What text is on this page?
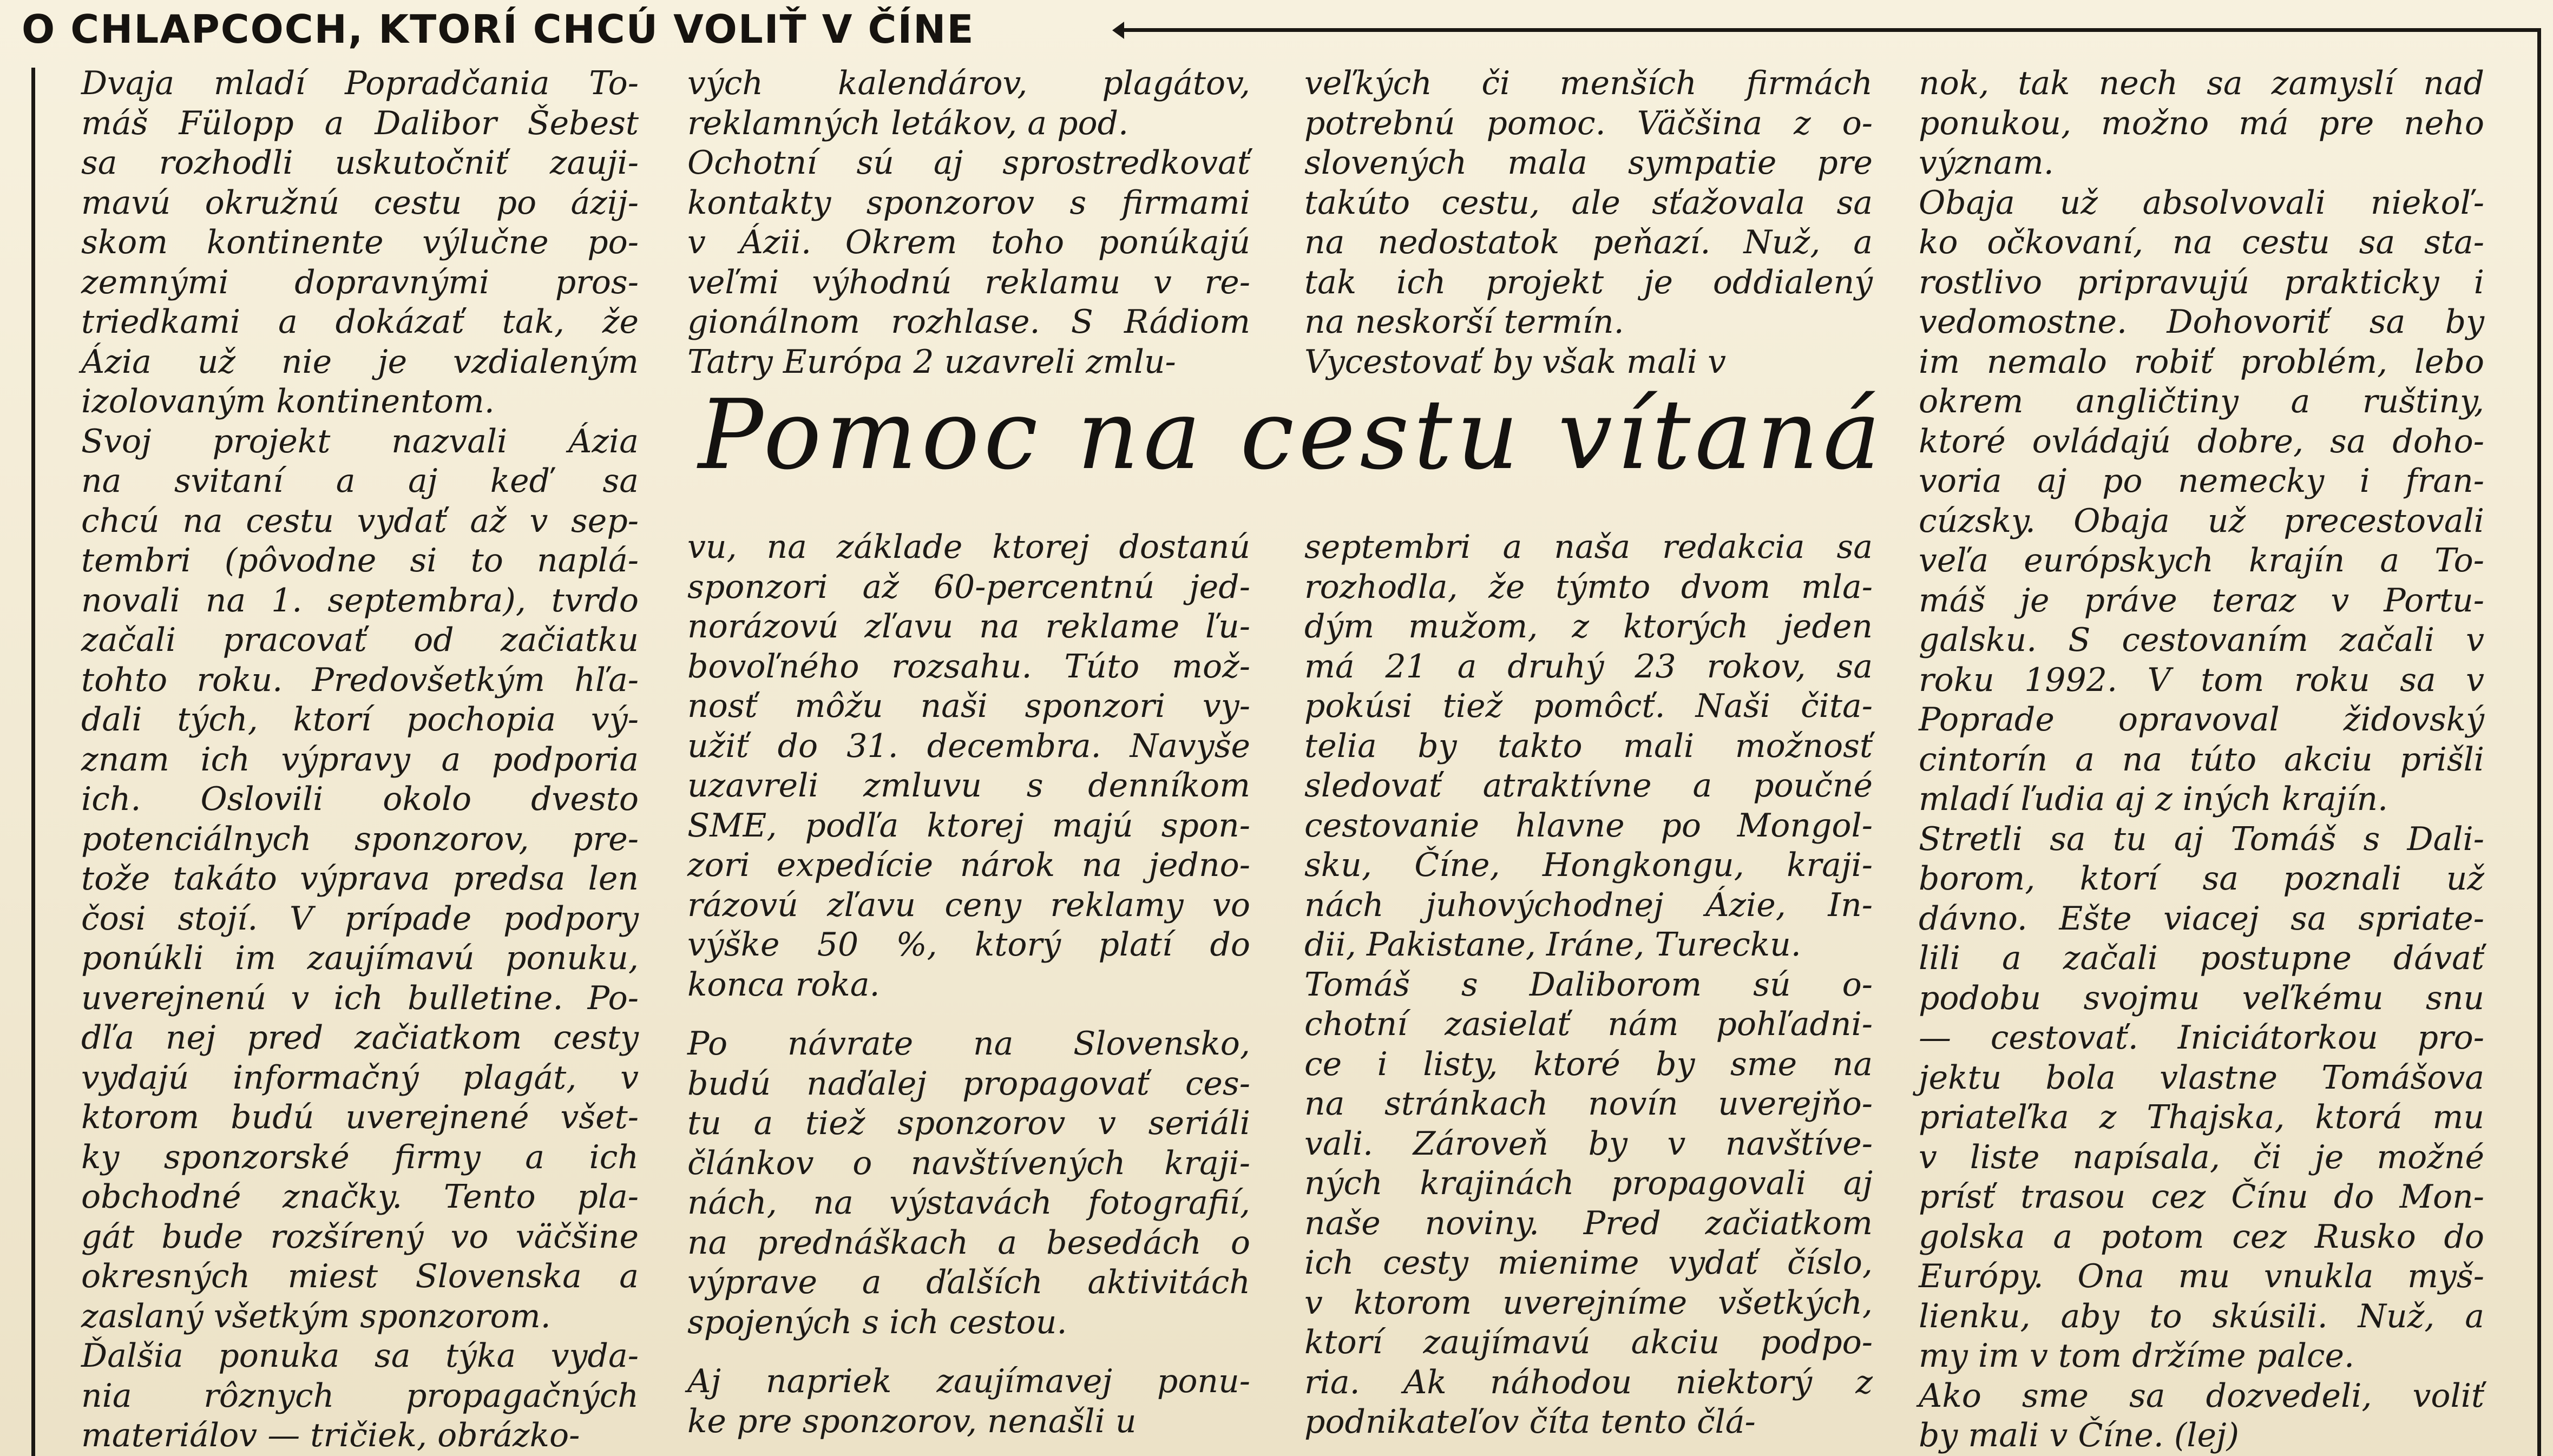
O CHLAPCOCH, KTORÍ CHCÚ VOLIŤ V ČÍNE
Dvaja mladí Popradčania To-
máš Fülopp a Dalibor Šebest
sa rozhodli uskutočniť zauji-
mavú okružnú cestu po ázij-
skom kontinente výlučne po-
zemnými dopravnými pros-
triedkami a dokázať tak, že
Ázia už nie je vzdialeným
izolovaným kontinentom.
Svoj projekt nazvali Ázia
na svitaní a aj keď sa
chcú na cestu vydať až v sep-
tembri (pôvodne si to naplá-
novali na 1. septembra), tvrdo
začali pracovať od začiatku
tohto roku. Predovšetkým hľa-
dali tých, ktorí pochopia vý-
znam ich výpravy a podporia
ich. Oslovili okolo dvesto
potenciálnych sponzorov, pre-
tože takáto výprava predsa len
čosi stojí. V prípade podpory
ponúkli im zaujímavú ponuku,
uverejnenú v ich bulletine. Po-
dľa nej pred začiatkom cesty
vydajú informačný plagát, v
ktorom budú uverejnené všet-
ky sponzorské firmy a ich
obchodné značky. Tento pla-
gát bude rozšírený vo väčšine
okresných miest Slovenska a
zaslaný všetkým sponzorom.
Ďalšia ponuka sa týka vyda-
nia rôznych propagačných
materiálov — tričiek, obrázko-
vých kalendárov, plagátov,
reklamných letákov, a pod.
Ochotní sú aj sprostredkovať
kontakty sponzorov s firmami
v Ázii. Okrem toho ponúkajú
veľmi výhodnú reklamu v re-
gionálnom rozhlase. S Rádiom
Tatry Európa 2 uzavreli zmlu-
Pomoc na cestu vítaná
vu, na základe ktorej dostanú
sponzori až 60-percentnú jed-
norázovú zľavu na reklame ľu-
bovoľného rozsahu. Túto mož-
nosť môžu naši sponzori vy-
užiť do 31. decembra. Navyše
uzavreli zmluvu s denníkom
SME, podľa ktorej majú spon-
zori expedície nárok na jedno-
rázovú zľavu ceny reklamy vo
výške 50 %, ktorý platí do
konca roka.
Po návrate na Slovensko,
budú naďalej propagovať ces-
tu a tiež sponzorov v seriáli
článkov o navštívených kraji-
nách, na výstavách fotografií,
na prednáškach a besedách o
výprave a ďalších aktivitách
spojených s ich cestou.
Aj napriek zaujímavej ponu-
ke pre sponzorov, nenašli u
veľkých či menších firmách
potrebnú pomoc. Väčšina z o-
slovených mala sympatie pre
takúto cestu, ale sťažovala sa
na nedostatok peňazí. Nuž, a
tak ich projekt je oddialený
na neskorší termín.
Vycestovať by však mali v
septembri a naša redakcia sa
rozhodla, že týmto dvom mla-
dým mužom, z ktorých jeden
má 21 a druhý 23 rokov, sa
pokúsi tiež pomôcť. Naši čita-
telia by takto mali možnosť
sledovať atraktívne a poučné
cestovanie hlavne po Mongol-
sku, Číne, Hongkongu, kraji-
nách juhovýchodnej Ázie, In-
dii, Pakistane, Iráne, Turecku.
Tomáš s Daliborom sú o-
chotní zasielať nám pohľadni-
ce i listy, ktoré by sme na
na stránkach novín uverejňo-
vali. Zároveň by v navštíve-
ných krajinách propagovali aj
naše noviny. Pred začiatkom
ich cesty mienime vydať číslo,
v ktorom uverejníme všetkých,
ktorí zaujímavú akciu podpo-
ria. Ak náhodou niektorý z
podnikateľov číta tento člá-
nok, tak nech sa zamyslí nad
ponukou, možno má pre neho
význam.
Obaja už absolvovali niekoľ-
ko očkovaní, na cestu sa sta-
rostlivo pripravujú prakticky i
vedomostne. Dohovoriť sa by
im nemalo robiť problém, lebo
okrem angličtiny a ruštiny,
ktoré ovládajú dobre, sa doho-
voria aj po nemecky i fran-
cúzsky. Obaja už precestovali
veľa európskych krajín a To-
máš je práve teraz v Portu-
galsku. S cestovaním začali v
roku 1992. V tom roku sa v
Poprade opravoval židovský
cintorín a na túto akciu prišli
mladí ľudia aj z iných krajín.
Stretli sa tu aj Tomáš s Dali-
borom, ktorí sa poznali už
dávno. Ešte viacej sa spriate-
lili a začali postupne dávať
podobu svojmu veľkému snu
— cestovať. Iniciátorkou pro-
jektu bola vlastne Tomášova
priateľka z Thajska, ktorá mu
v liste napísala, či je možné
prísť trasou cez Čínu do Mon-
golska a potom cez Rusko do
Európy. Ona mu vnukla myš-
lienku, aby to skúsili. Nuž, a
my im v tom držíme palce.
Ako sme sa dozvedeli, voliť
by mali v Číne. (lej)
